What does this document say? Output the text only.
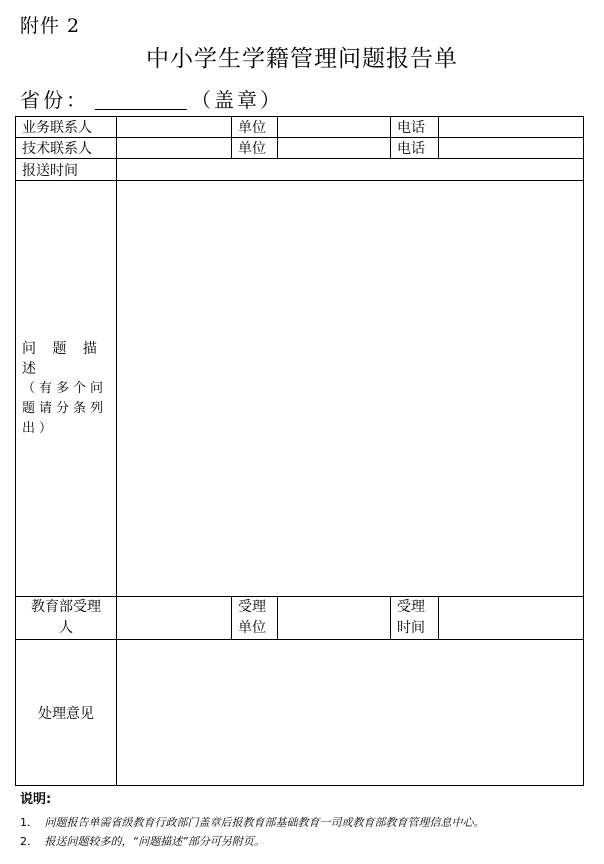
附件 2
中小学生学籍管理问题报告单
省份：	（盖章）
业务联系人		单位		电话	
技术联系人		单位		电话	
报送时间					

问 题 描 述
（有多个问题请分条列出）					

教育部受理人		受理单位		受理时间	

处理意见					
说明:
1. 问题报告单需省级教育行政部门盖章后报教育部基础教育一司或教育部教育管理信息中心。
2. 报送问题较多的，“问题描述”部分可另附页。
